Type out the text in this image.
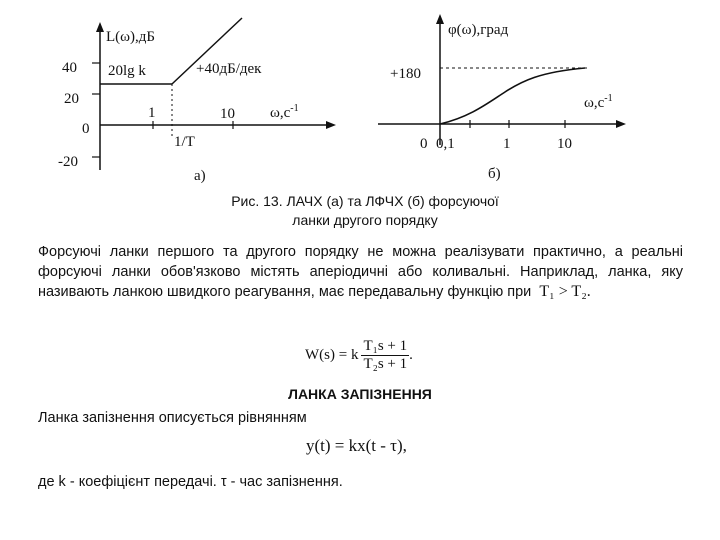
40
20
0
-20
L(ω),дБ
20lg k	+40дБ/дек
1	10
1/T
$\omega,с^{-1}$
а)
φ(ω),град
+180
$\omega,с^{-1}$
0 0,1	1	10
б)
Рис. 13. ЛАЧХ (а) та ЛФЧХ (б) форсуючої
ланки другого порядку
Форсуючі ланки першого та другого порядку не можна реалізувати практично, а реальні форсуючі ланки обов'язково містять аперіодичні або коливальні. Наприклад, ланка, яку називають ланкою швидкого реагування, має передавальну функцію при T₁ > T₂.
W(s) = k $\frac{\text{T₁s + 1}}{\text{T₂s + 1}}$ .
ЛАНКА ЗАПІЗНЕННЯ
Ланка запізнення описується рівнянням
y(t) = kx(t - τ),
де k - коефіцієнт передачі. τ - час запізнення.
